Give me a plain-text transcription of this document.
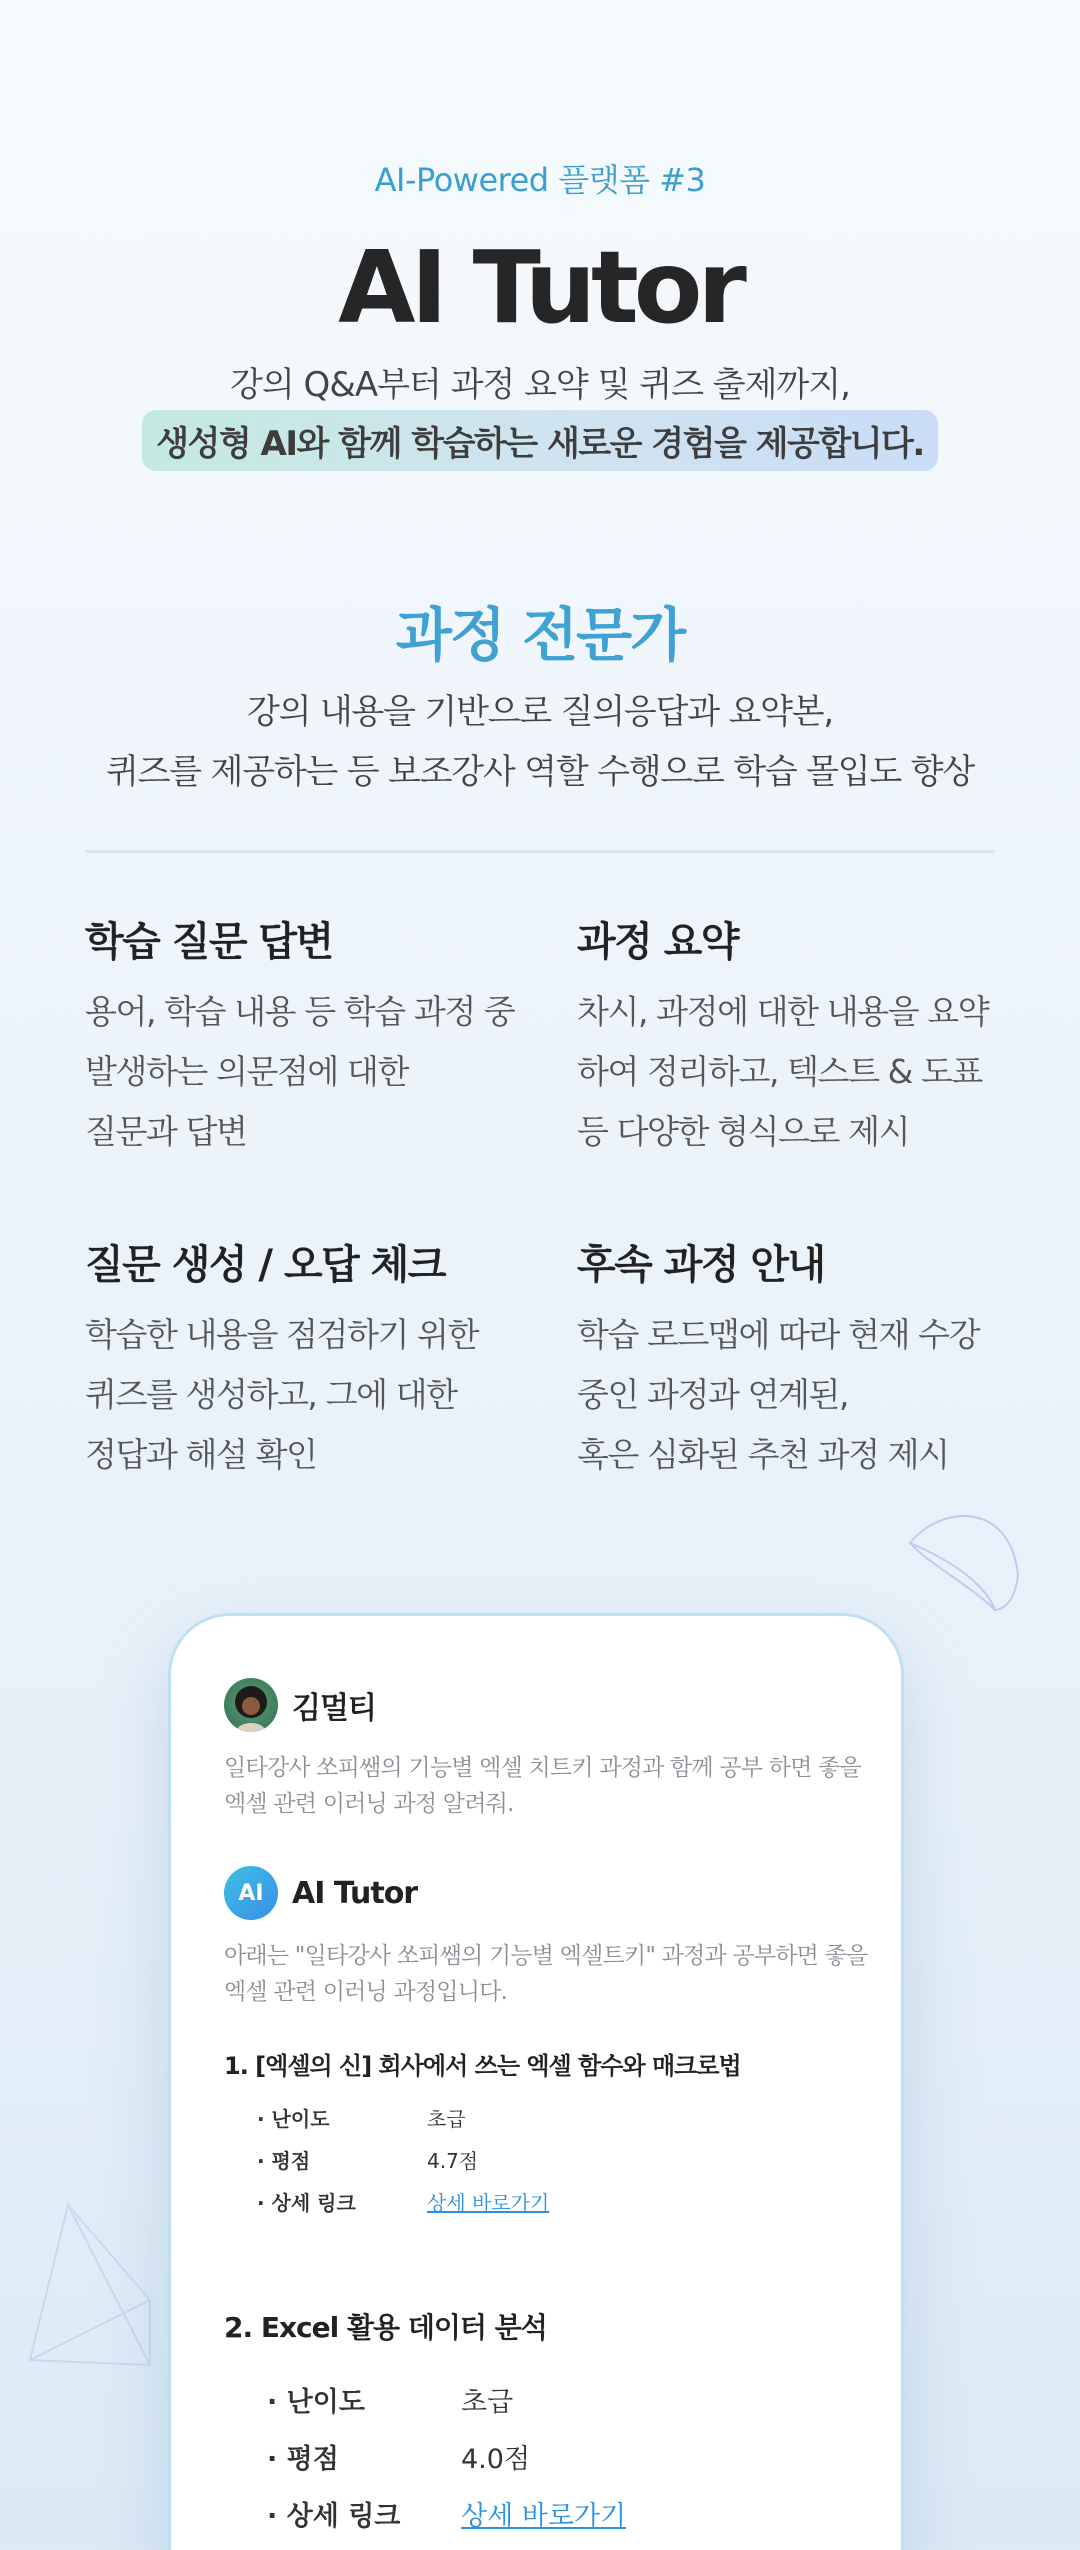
AI-Powered 플랫폼 #3
AI Tutor
강의 Q&A부터 과정 요약 및 퀴즈 출제까지,
생성형 AI와 함께 학습하는 새로운 경험을 제공합니다.
과정 전문가
강의 내용을 기반으로 질의응답과 요약본,
퀴즈를 제공하는 등 보조강사 역할 수행으로 학습 몰입도 향상
학습 질문 답변

용어, 학습 내용 등 학습 과정 중
발생하는 의문점에 대한
질문과 답변

과정 요약

차시, 과정에 대한 내용을 요약
하여 정리하고, 텍스트 & 도표
등 다양한 형식으로 제시

질문 생성 / 오답 체크

학습한 내용을 점검하기 위한
퀴즈를 생성하고, 그에 대한
정답과 해설 확인

후속 과정 안내

학습 로드맵에 따라 현재 수강
중인 과정과 연계된,
혹은 심화된 추천 과정 제시

김멀티
일타강사 쏘피쌤의 기능별 엑셀 치트키 과정과 함께 공부 하면 좋을
엑셀 관련 이러닝 과정 알려줘.
AI AI Tutor
아래는 "일타강사 쏘피쌤의 기능별 엑셀트키" 과정과 공부하면 좋을
엑셀 관련 이러닝 과정입니다.
1. [엑셀의 신] 회사에서 쓰는 엑셀 함수와 매크로법
· 난이도	초급
· 평점	4.7점
· 상세 링크	상세 바로가기
2. Excel 활용 데이터 분석
· 난이도	초급
· 평점	4.0점
· 상세 링크	상세 바로가기
